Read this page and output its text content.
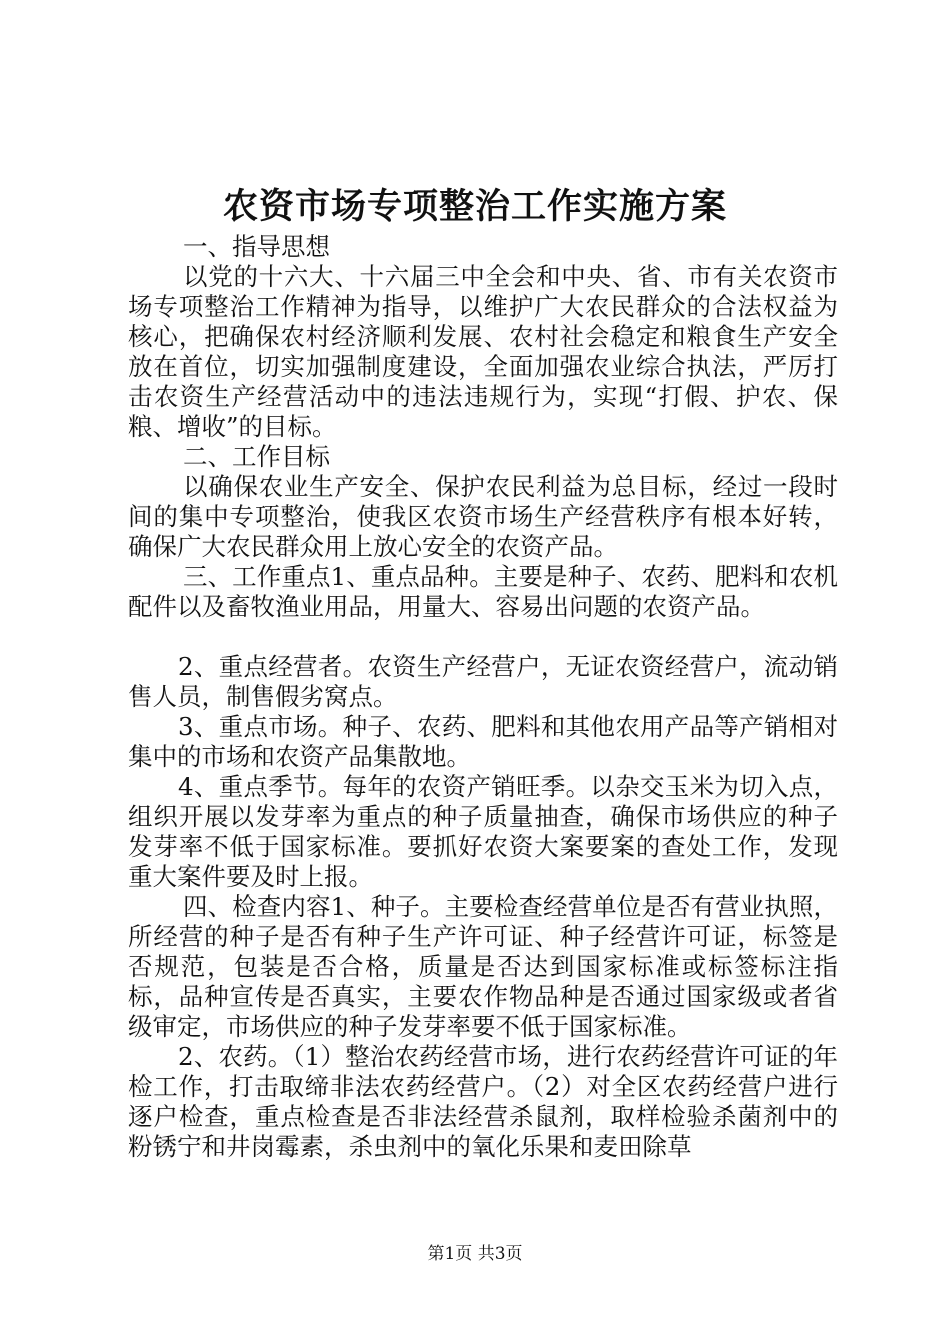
农资市场专项整治工作实施方案

一、指导思想

以党的十六大、十六届三中全会和中央、省、市有关农资市场专项整治工作精神为指导，以维护广大农民群众的合法权益为核心，把确保农村经济顺利发展、农村社会稳定和粮食生产安全放在首位，切实加强制度建设，全面加强农业综合执法，严厉打击农资生产经营活动中的违法违规行为，实现“打假、护农、保粮、增收”的目标。

二、工作目标

以确保农业生产安全、保护农民利益为总目标，经过一段时间的集中专项整治，使我区农资市场生产经营秩序有根本好转，确保广大农民群众用上放心安全的农资产品。

三、工作重点1、重点品种。主要是种子、农药、肥料和农机配件以及畜牧渔业用品，用量大、容易出问题的农资产品。

2、重点经营者。农资生产经营户，无证农资经营户，流动销售人员，制售假劣窝点。

3、重点市场。种子、农药、肥料和其他农用产品等产销相对集中的市场和农资产品集散地。

4、重点季节。每年的农资产销旺季。以杂交玉米为切入点，组织开展以发芽率为重点的种子质量抽查，确保市场供应的种子发芽率不低于国家标准。要抓好农资大案要案的查处工作，发现重大案件要及时上报。

四、检查内容1、种子。主要检查经营单位是否有营业执照，所经营的种子是否有种子生产许可证、种子经营许可证，标签是否规范，包装是否合格，质量是否达到国家标准或标签标注指标，品种宣传是否真实，主要农作物品种是否通过国家级或者省级审定，市场供应的种子发芽率要不低于国家标准。

2、农药。（1）整治农药经营市场，进行农药经营许可证的年检工作，打击取缔非法农药经营户。（2）对全区农药经营户进行逐户检查，重点检查是否非法经营杀鼠剂，取样检验杀菌剂中的粉锈宁和井岗霉素，杀虫剂中的氧化乐果和麦田除草

第1页 共3页
